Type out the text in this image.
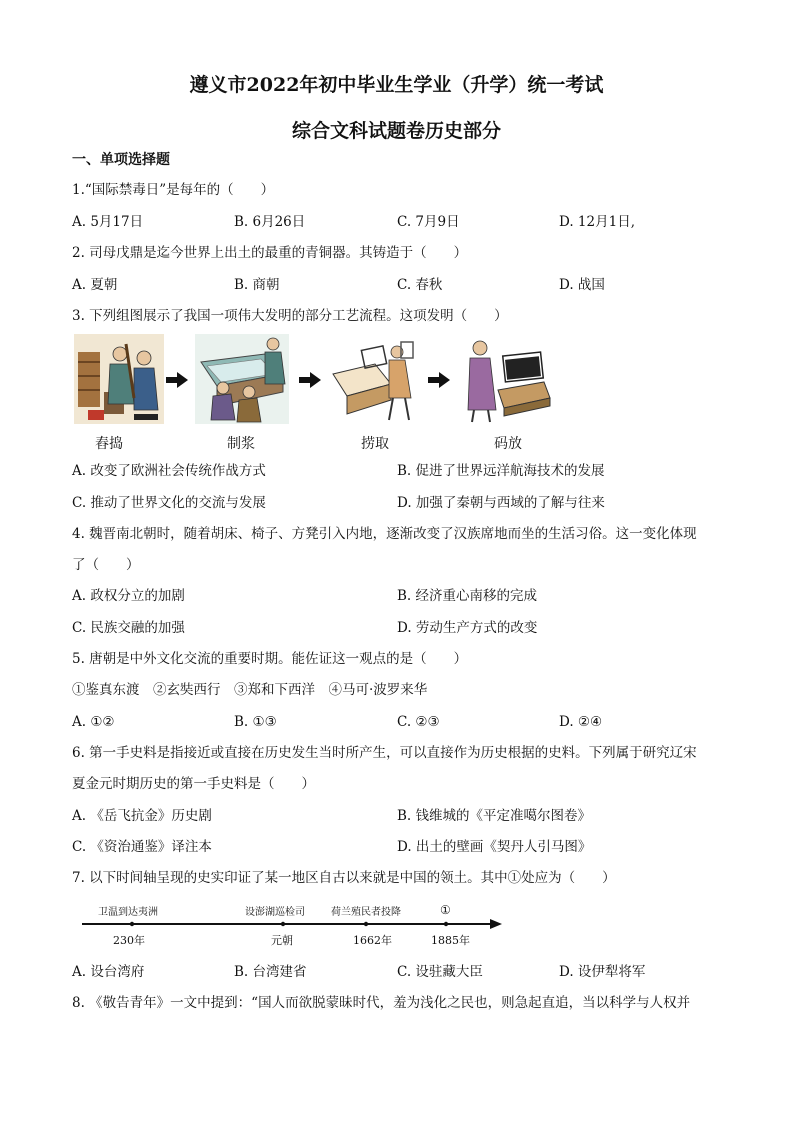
遵义市2022年初中毕业生学业（升学）统一考试
综合文科试题卷历史部分
一、单项选择题
1.“国际禁毒日”是每年的（　　）
A. 5月17日	B. 6月26日	C. 7月9日	D. 12月1日,
2. 司母戊鼎是迄今世界上出土的最重的青铜器。其铸造于（　　）
A. 夏朝	B. 商朝	C. 春秋	D. 战国
3. 下列组图展示了我国一项伟大发明的部分工艺流程。这项发明（　　）
舂捣	制浆	捞取	码放
A. 改变了欧洲社会传统作战方式	B. 促进了世界远洋航海技术的发展
C. 推动了世界文化的交流与发展	D. 加强了秦朝与西域的了解与往来
4. 魏晋南北朝时，随着胡床、椅子、方凳引入内地，逐渐改变了汉族席地而坐的生活习俗。这一变化体现
了（　　）
A. 政权分立的加剧	B. 经济重心南移的完成
C. 民族交融的加强	D. 劳动生产方式的改变
5. 唐朝是中外文化交流的重要时期。能佐证这一观点的是（　　）
①鉴真东渡　②玄奘西行　③郑和下西洋　④马可·波罗来华
A. ①②	B. ①③	C. ②③	D. ②④
6. 第一手史料是指接近或直接在历史发生当时所产生，可以直接作为历史根据的史料。下列属于研究辽宋
夏金元时期历史的第一手史料是（　　）
A. 《岳飞抗金》历史剧	B. 钱维城的《平定准噶尔图卷》
C. 《资治通鉴》译注本	D. 出土的壁画《契丹人引马图》
7. 以下时间轴呈现的史实印证了某一地区自古以来就是中国的领土。其中①处应为（　　）
卫温到达夷洲	设澎湖巡检司	荷兰殖民者投降	①
230年	元朝	1662年	1885年
A. 设台湾府	B. 台湾建省	C. 设驻藏大臣	D. 设伊犁将军
8. 《敬告青年》一文中提到：“国人而欲脱蒙昧时代，羞为浅化之民也，则急起直追，当以科学与人权并
